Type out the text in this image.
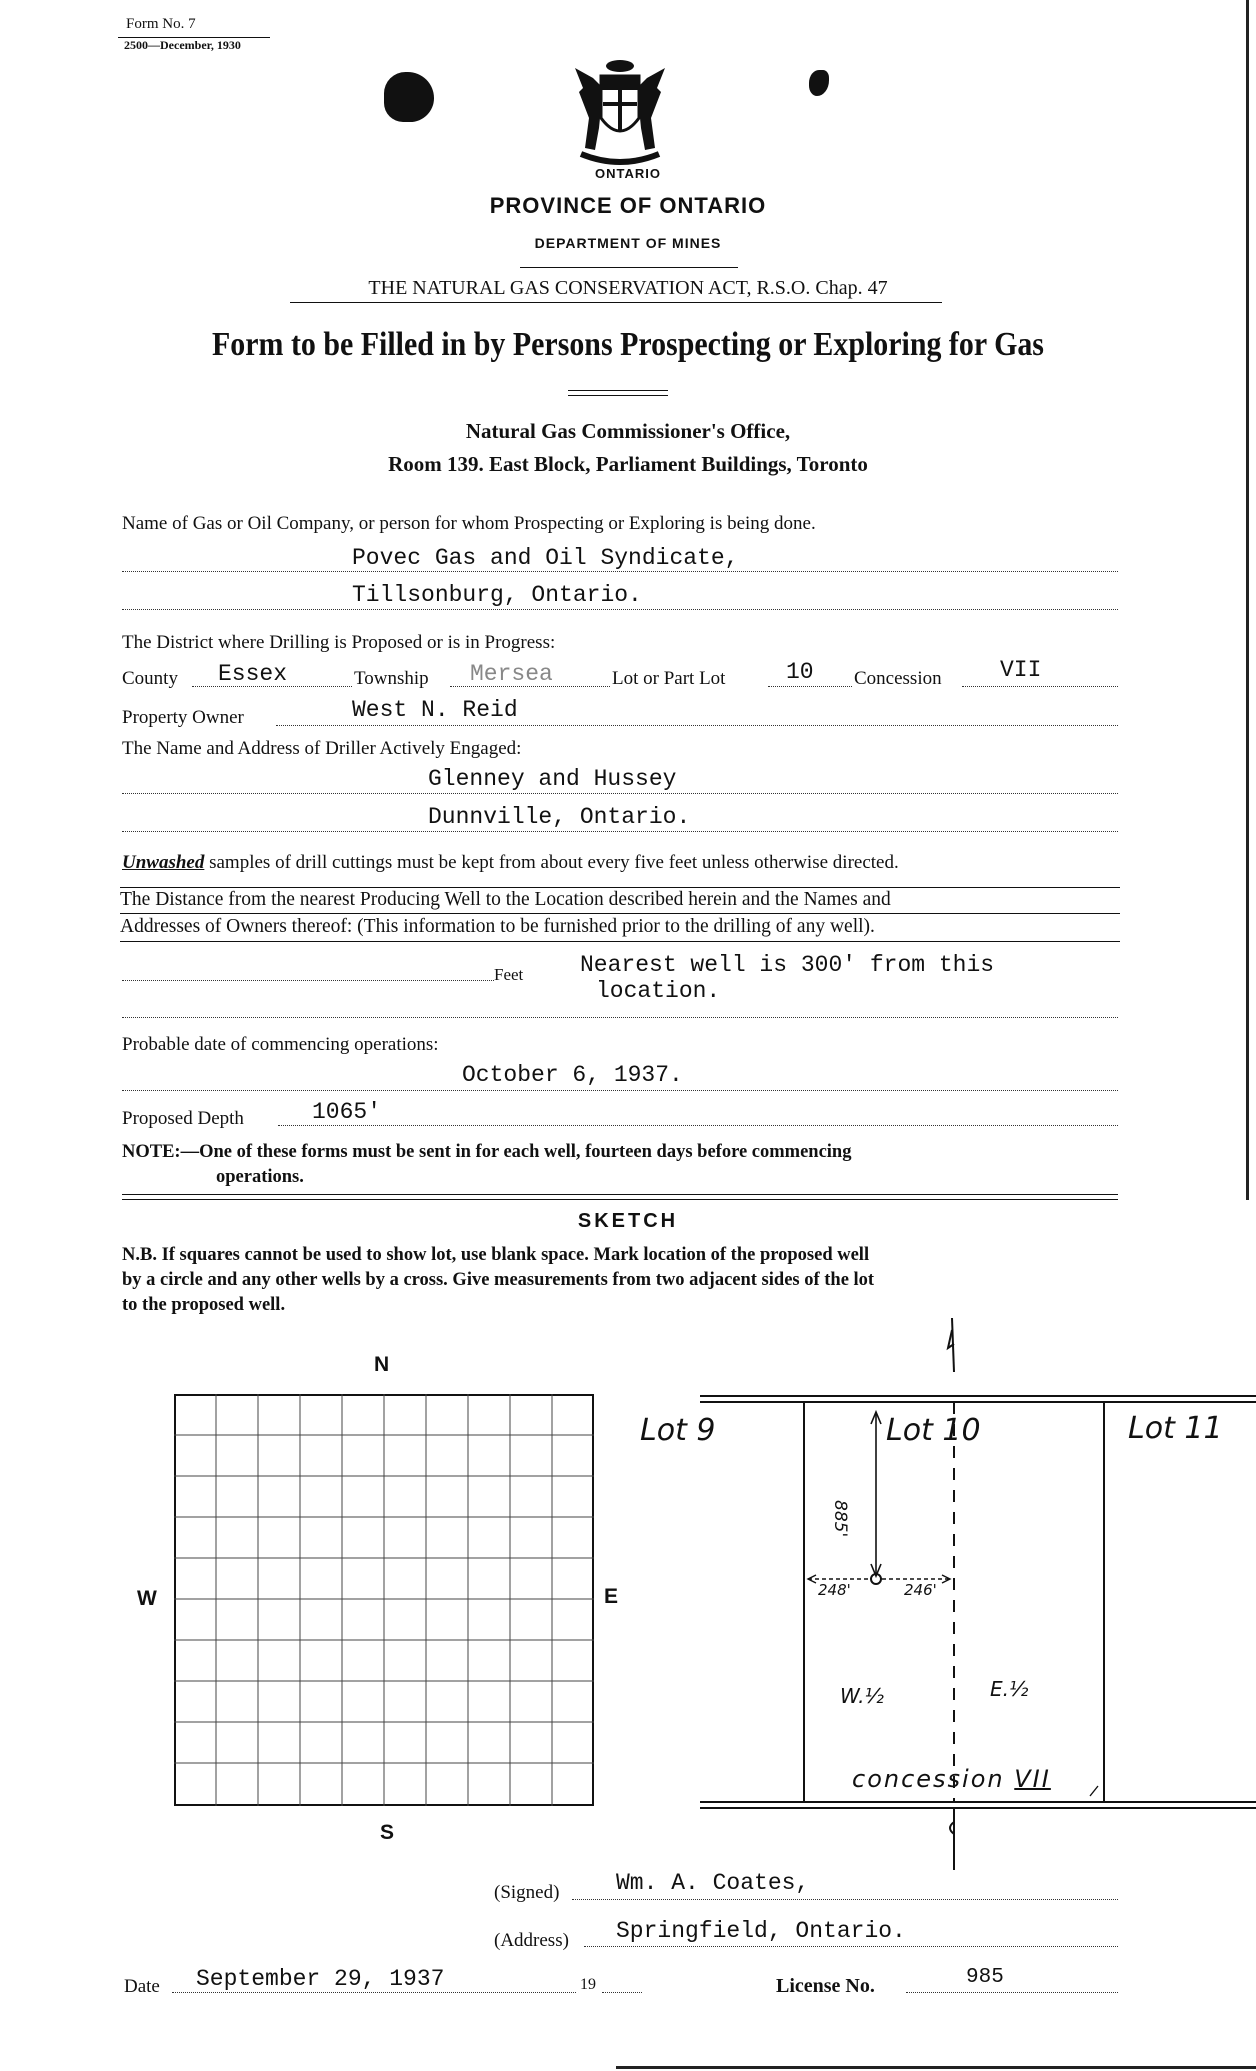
Form No. 7
2500—December, 1930
ONTARIO
PROVINCE OF ONTARIO
DEPARTMENT OF MINES
THE NATURAL GAS CONSERVATION ACT, R.S.O. Chap. 47
Form to be Filled in by Persons Prospecting or Exploring for Gas
Natural Gas Commissioner's Office,
Room 139. East Block, Parliament Buildings, Toronto
Name of Gas or Oil Company, or person for whom Prospecting or Exploring is being done.
Povec Gas and Oil Syndicate,
Tillsonburg, Ontario.
The District where Drilling is Proposed or is in Progress:
County Essex	Township Mersea	Lot or Part Lot	10 Concession	VII
Property Owner	West N. Reid
The Name and Address of Driller Actively Engaged:
Glenney and Hussey
Dunnville, Ontario.
Unwashed samples of drill cuttings must be kept from about every five feet unless otherwise directed.
The Distance from the nearest Producing Well to the Location described herein and the Names and
Addresses of Owners thereof: (This information to be furnished prior to the drilling of any well).
Feet Nearest well is 300' from this
location.
Probable date of commencing operations:
October 6, 1937.
Proposed Depth	1065'
NOTE:—One of these forms must be sent in for each well, fourteen days before commencing
operations.
SKETCH
N.B. If squares cannot be used to show lot, use blank space. Mark location of the proposed well
by a circle and any other wells by a cross. Give measurements from two adjacent sides of the lot
to the proposed well.
N
S
W	E
Lot 9	Lot 10	Lot 11
885'
248'	246'
W.½	E.½
concession VII
(Signed) Wm. A. Coates,
(Address) Springfield, Ontario.
Date September 29, 1937	19	License No.	985
